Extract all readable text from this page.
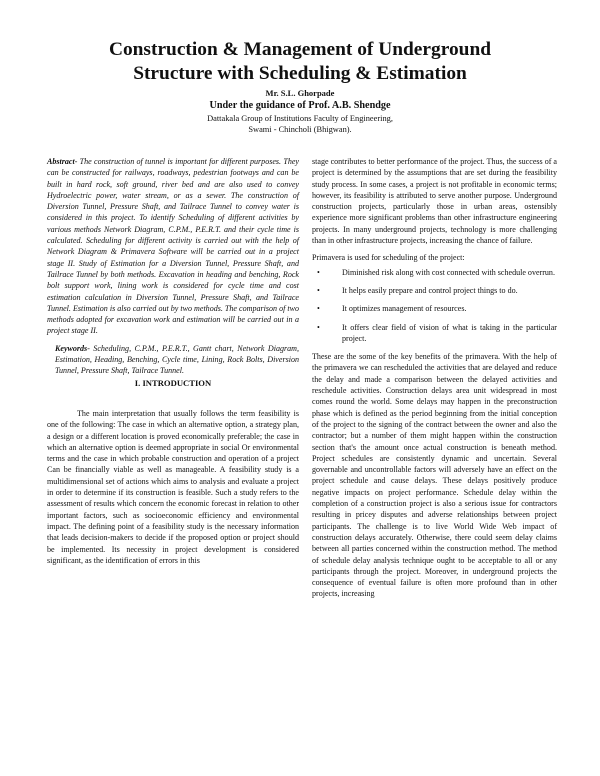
Construction & Management of Underground
Structure with Scheduling & Estimation
Mr. S.L. Ghorpade
Under the guidance of Prof. A.B. Shendge
Dattakala Group of Institutions Faculty of Engineering,
Swami - Chincholi (Bhigwan).

Abstract- The construction of tunnel is important for different purposes. They can be constructed for railways, roadways, pedestrian footways and can be built in hard rock, soft ground, river bed and are also used to convey Hydroelectric power, water stream, or as a sewer. The construction of Diversion Tunnel, Pressure Shaft, and Tailrace Tunnel to convey water is considered in this project. To identify Scheduling of different activities by various methods Network Diagram, C.P.M., P.E.R.T. and their cycle time is calculated. Scheduling for different activity is carried out with the help of Network Diagram & Primavera Software will be carried out in a project stage II. Study of Estimation for a Diversion Tunnel, Pressure Shaft, and Tailrace Tunnel by both methods. Excavation in heading and benching, Rock bolt support work, lining work is considered for cycle time and cost estimation calculation in Diversion Tunnel, Pressure Shaft, and Tailrace Tunnel. Estimation is also carried out by two methods. The comparison of two methods adopted for excavation work and estimation will be carried out in a project stage II.

Keywords- Scheduling, C.P.M., P.E.R.T., Gantt chart, Network Diagram, Estimation, Heading, Benching, Cycle time, Lining, Rock Bolts, Diversion Tunnel, Pressure Shaft, Tailrace Tunnel.

I. INTRODUCTION

The main interpretation that usually follows the term feasibility is one of the following: The case in which an alternative option, a strategy plan, a design or a different location is proved economically preferable; the case in which an alternative option is deemed appropriate in social Or environmental terms and the case in which probable construction and operation of a project Can be financially viable as well as manageable. A feasibility study is a multidimensional set of actions which aims to analysis and evaluate a project in order to determine if its construction is feasible. Such a study refers to the assessment of results which concern the economic forecast in relation to other important factors, such as socioeconomic efficiency and environmental impact. The defining point of a feasibility study is the necessary information that leads decision-makers to decide if the proposed option or project should be implemented. Its necessity in project development is considered significant, as the identification of errors in this

stage contributes to better performance of the project. Thus, the success of a project is determined by the assumptions that are set during the feasibility study process. In some cases, a project is not profitable in economic terms; however, its feasibility is attributed to serve another purpose. Underground construction projects, particularly those in urban areas, ostensibly experience more significant problems than other infrastructure engineering projects. In many underground projects, technology is more challenging than in other infrastructure projects, increasing the chance of failure.

Primavera is used for scheduling of the project:

•	Diminished risk along with cost connected with schedule overrun.
•	It helps easily prepare and control project things to do.
•	It optimizes management of resources.
•	It offers clear field of vision of what is taking in the particular project.

These are the some of the key benefits of the primavera. With the help of the primavera we can rescheduled the activities that are delayed and reduce the delay and made a comparison between the delayed activities and reschedule activities. Construction delays area unit widespread in most comes round the world. Some delays may happen in the preconstruction phase which is defined as the period beginning from the initial conception of the project to the signing of the contract between the owner and also the contractor; but a number of them might happen within the construction section that's the amount once actual construction is beneath method. Project schedules are consistently dynamic and uncertain. Several governable and uncontrollable factors will adversely have an effect on the project schedule and cause delays. These delays positively produce negative impacts on project performance. Schedule delay within the completion of a construction project is also a serious issue for contractors resulting in pricey disputes and adverse relationships between project participants. The challenge is to live World Wide Web impact of construction delays accurately. Otherwise, there could seem delay claims between all parties concerned within the construction method. The method of schedule delay analysis technique ought to be acceptable to all or any participants through the project. Moreover, in underground projects the consequence of eventual failure is often more profound than in other projects, increasing
